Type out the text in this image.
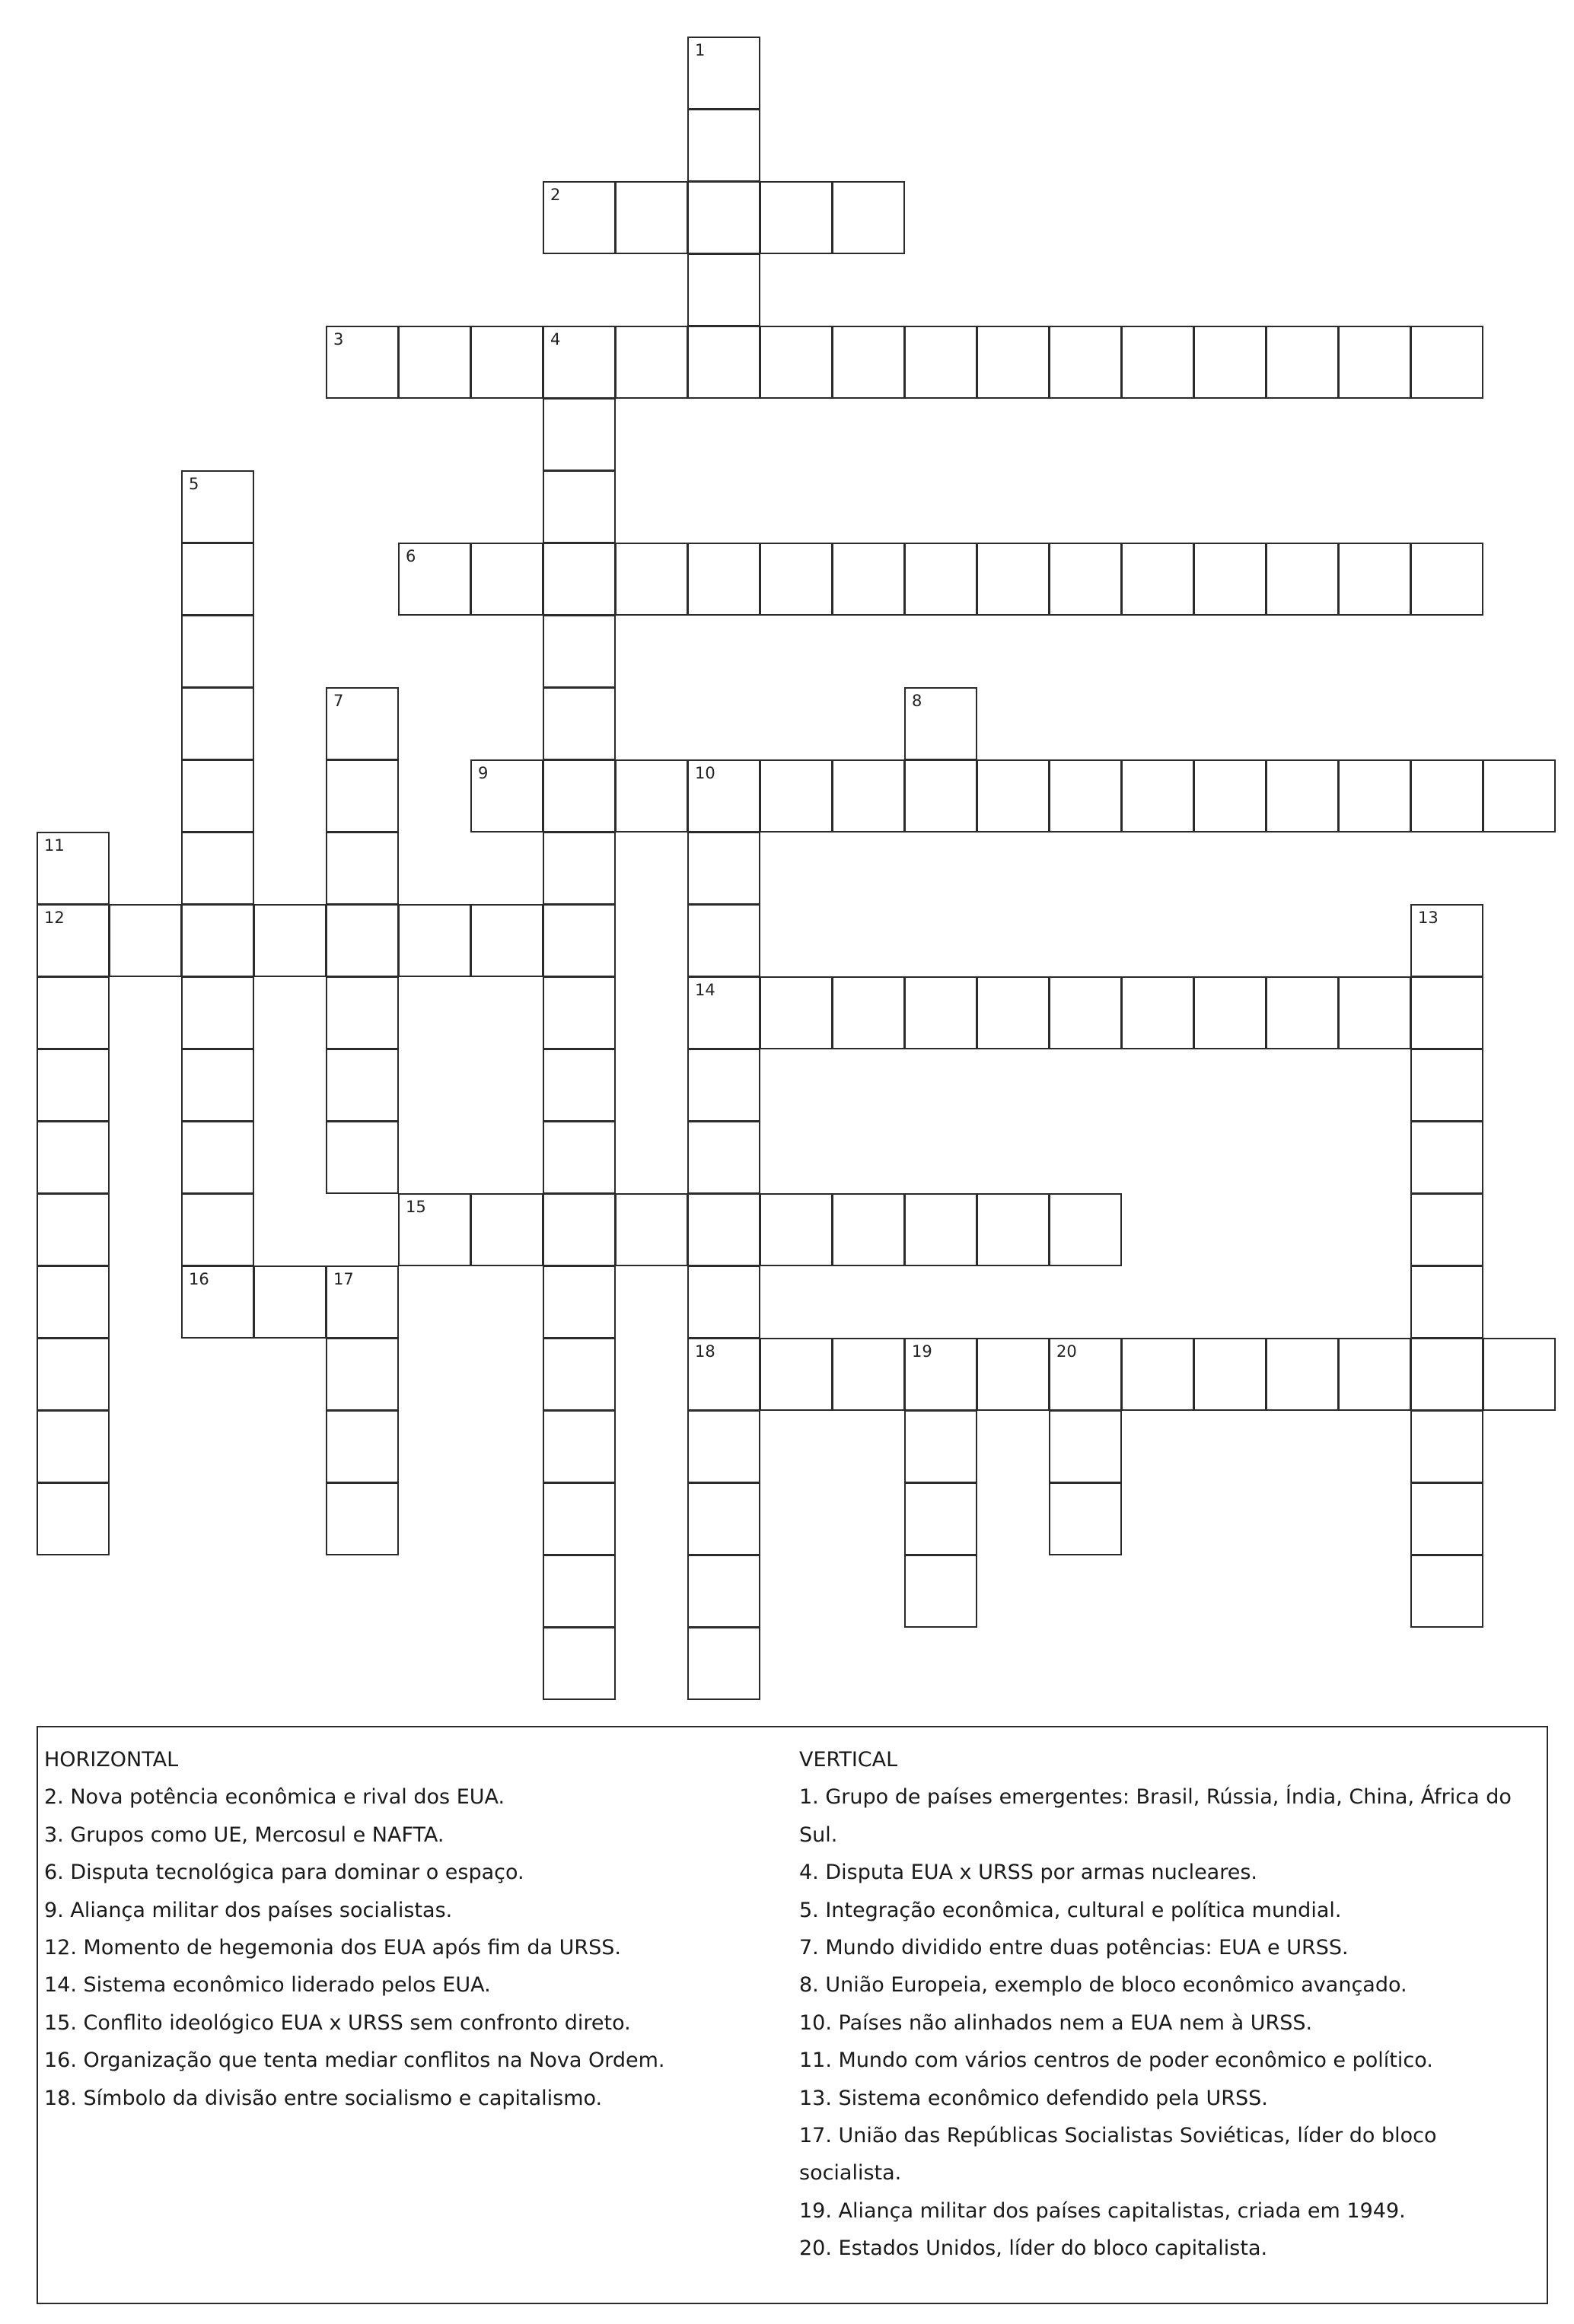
2
3	4
6
9	10
12
14
15
16	17
18	19	20
1
5
7	8
11
13
HORIZONTAL
2. Nova potência econômica e rival dos EUA.
3. Grupos como UE, Mercosul e NAFTA.
6. Disputa tecnológica para dominar o espaço.
9. Aliança militar dos países socialistas.
12. Momento de hegemonia dos EUA após fim da URSS.
14. Sistema econômico liderado pelos EUA.
15. Conflito ideológico EUA x URSS sem confronto direto.
16. Organização que tenta mediar conflitos na Nova Ordem.
18. Símbolo da divisão entre socialismo e capitalismo.
VERTICAL
1. Grupo de países emergentes: Brasil, Rússia, Índia, China, África do Sul.
4. Disputa EUA x URSS por armas nucleares.
5. Integração econômica, cultural e política mundial.
7. Mundo dividido entre duas potências: EUA e URSS.
8. União Europeia, exemplo de bloco econômico avançado.
10. Países não alinhados nem a EUA nem à URSS.
11. Mundo com vários centros de poder econômico e político.
13. Sistema econômico defendido pela URSS.
17. União das Repúblicas Socialistas Soviéticas, líder do bloco socialista.
19. Aliança militar dos países capitalistas, criada em 1949.
20. Estados Unidos, líder do bloco capitalista.
